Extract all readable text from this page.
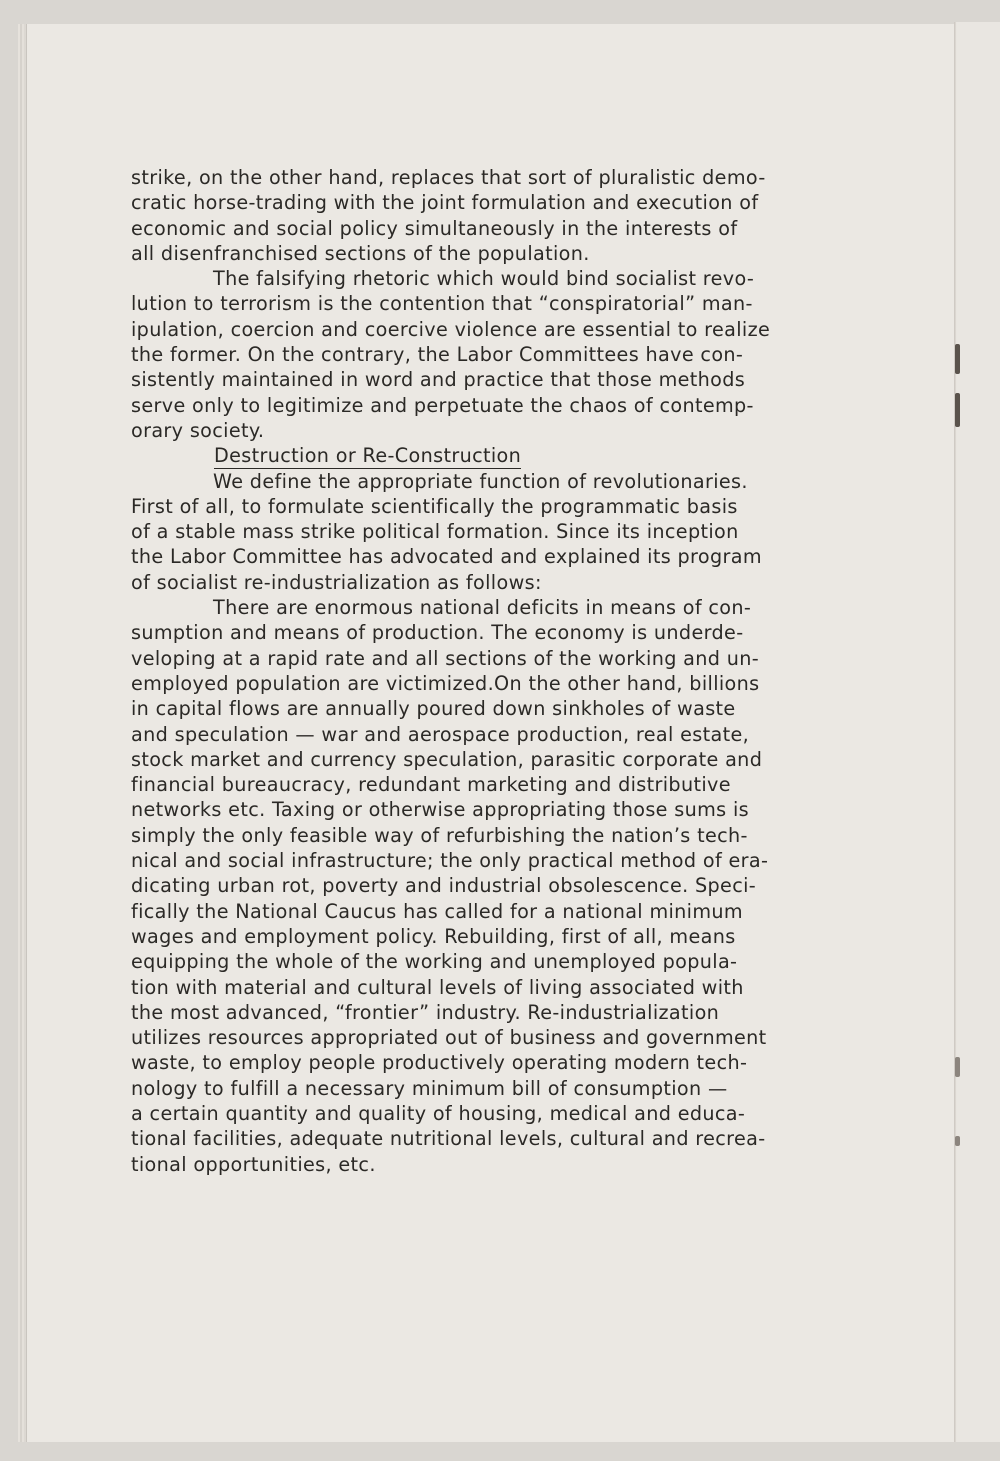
strike, on the other hand, replaces that sort of pluralistic demo-
cratic horse-trading with the joint formulation and execution of
economic and social policy simultaneously in the interests of
all disenfranchised sections of the population.

The falsifying rhetoric which would bind socialist revo-
lution to terrorism is the contention that “conspiratorial” man-
ipulation, coercion and coercive violence are essential to realize
the former. On the contrary, the Labor Committees have con-
sistently maintained in word and practice that those methods
serve only to legitimize and perpetuate the chaos of contemp-
orary society.

Destruction or Re-Construction

We define the appropriate function of revolutionaries.
First of all, to formulate scientifically the programmatic basis
of a stable mass strike political formation. Since its inception
the Labor Committee has advocated and explained its program
of socialist re-industrialization as follows:

There are enormous national deficits in means of con-
sumption and means of production. The economy is underde-
veloping at a rapid rate and all sections of the working and un-
employed population are victimized.On the other hand, billions
in capital flows are annually poured down sinkholes of waste
and speculation — war and aerospace production, real estate,
stock market and currency speculation, parasitic corporate and
financial bureaucracy, redundant marketing and distributive
networks etc. Taxing or otherwise appropriating those sums is
simply the only feasible way of refurbishing the nation’s tech-
nical and social infrastructure; the only practical method of era-
dicating urban rot, poverty and industrial obsolescence. Speci-
fically the National Caucus has called for a national minimum
wages and employment policy. Rebuilding, first of all, means
equipping the whole of the working and unemployed popula-
tion with material and cultural levels of living associated with
the most advanced, “frontier” industry. Re-industrialization
utilizes resources appropriated out of business and government
waste, to employ people productively operating modern tech-
nology to fulfill a necessary minimum bill of consumption —
a certain quantity and quality of housing, medical and educa-
tional facilities, adequate nutritional levels, cultural and recrea-
tional opportunities, etc.
